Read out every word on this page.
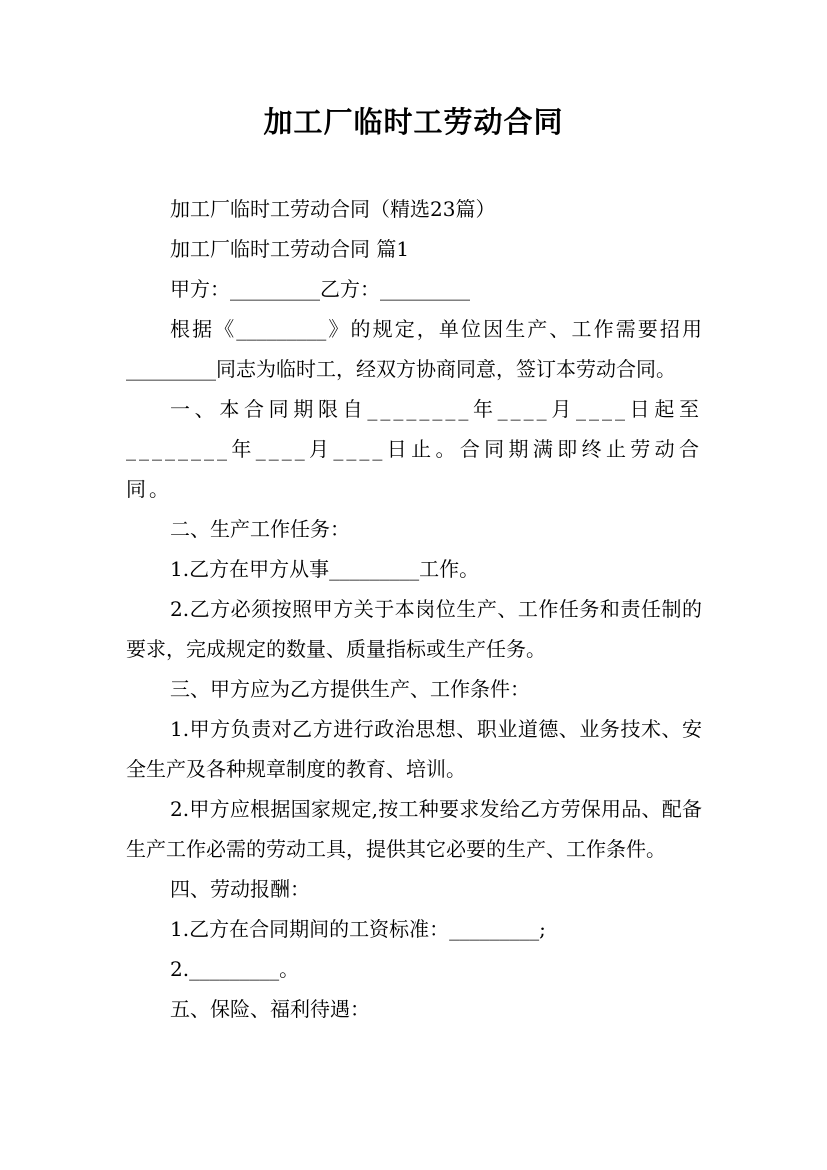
加工厂临时工劳动合同

加工厂临时工劳动合同（精选23篇）

加工厂临时工劳动合同 篇1

甲方：_________乙方：_________

根据《_________》的规定，单位因生产、工作需要招用_________同志为临时工，经双方协商同意，签订本劳动合同。

一、本合同期限自________年____月____日起至________年____月____日止。合同期满即终止劳动合同。

二、生产工作任务：

1.乙方在甲方从事_________工作。

2.乙方必须按照甲方关于本岗位生产、工作任务和责任制的要求，完成规定的数量、质量指标或生产任务。

三、甲方应为乙方提供生产、工作条件：

1.甲方负责对乙方进行政治思想、职业道德、业务技术、安全生产及各种规章制度的教育、培训。

2.甲方应根据国家规定,按工种要求发给乙方劳保用品、配备生产工作必需的劳动工具，提供其它必要的生产、工作条件。

四、劳动报酬：

1.乙方在合同期间的工资标准：_________;

2._________。

五、保险、福利待遇：
